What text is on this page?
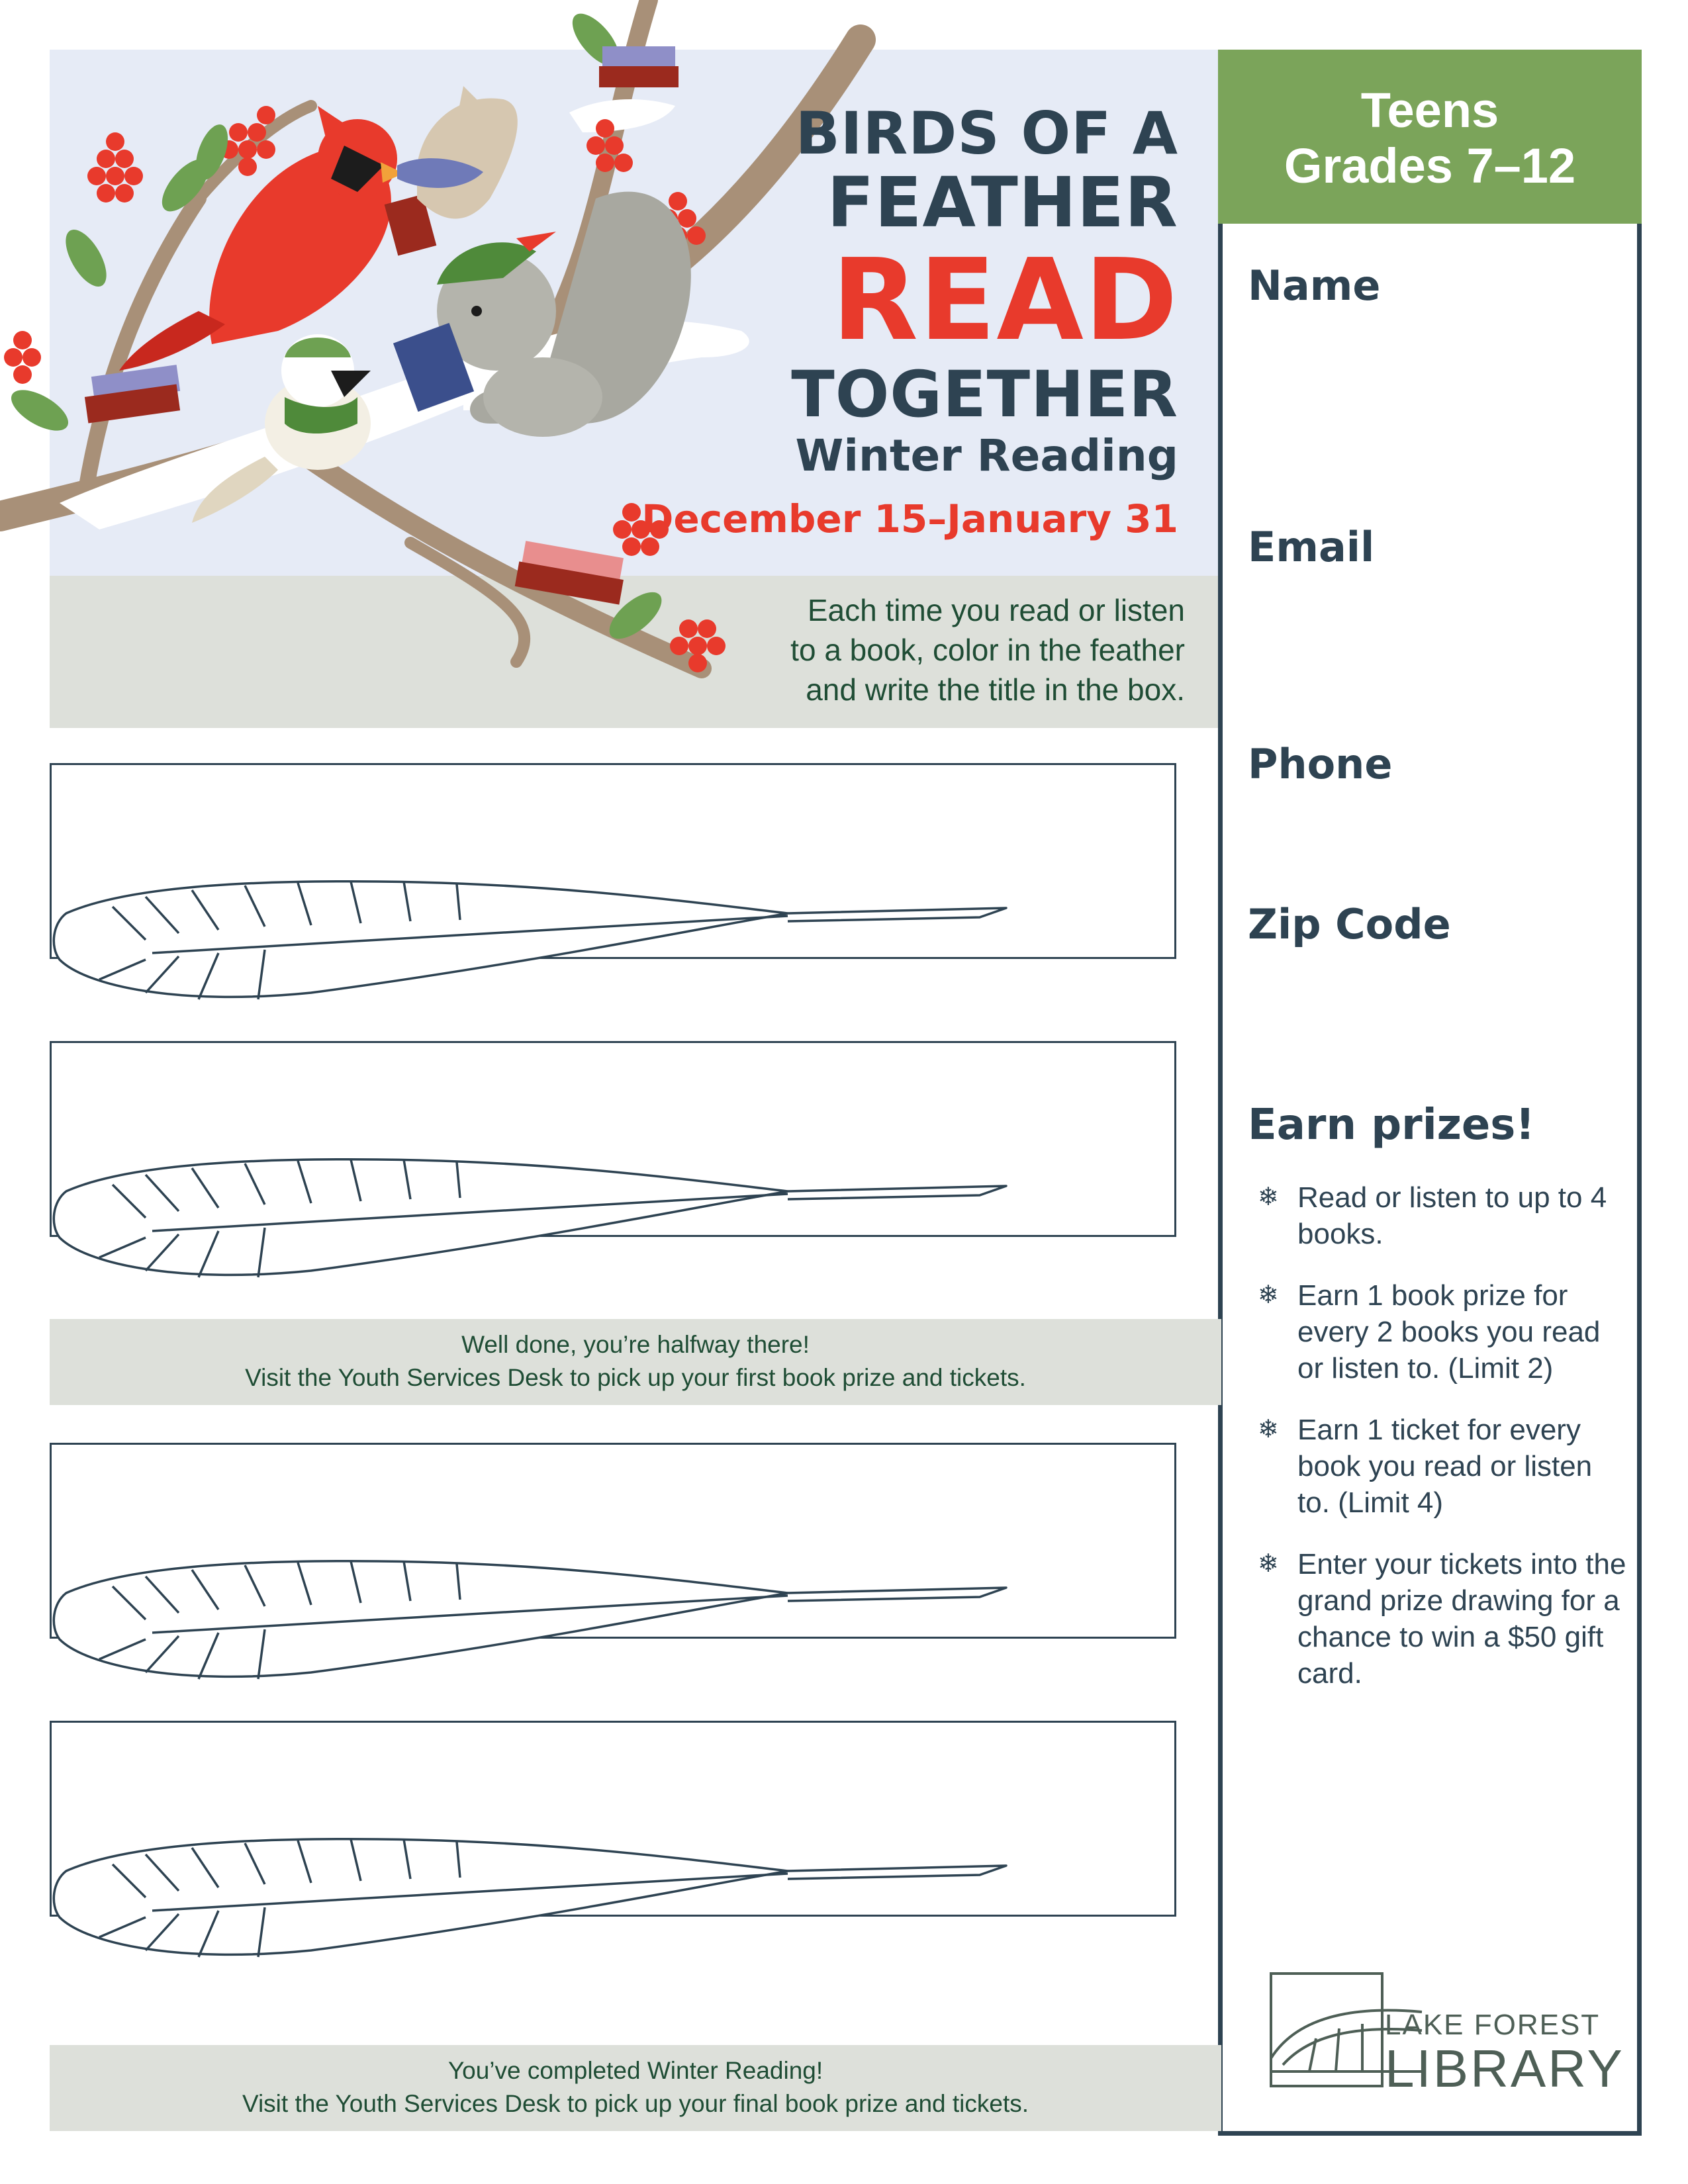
BIRDS OF A
FEATHER
READ
TOGETHER
Winter Reading
December 15–January 31
Each time you read or listen
to a book, color in the feather
and write the title in the box.
Teens
Grades 7–12
Name
Email
Phone
Zip Code
Earn prizes!
❄ Read or listen to up to 4 books.
❄ Earn 1 book prize for every 2 books you read or listen to. (Limit 2)
❄ Earn 1 ticket for every book you read or listen to. (Limit 4)
❄ Enter your tickets into the grand prize drawing for a chance to win a $50 gift card.
LAKE FOREST
LIBRARY
Well done, you’re halfway there!
Visit the Youth Services Desk to pick up your first book prize and tickets.
You’ve completed Winter Reading!
Visit the Youth Services Desk to pick up your final book prize and tickets.
